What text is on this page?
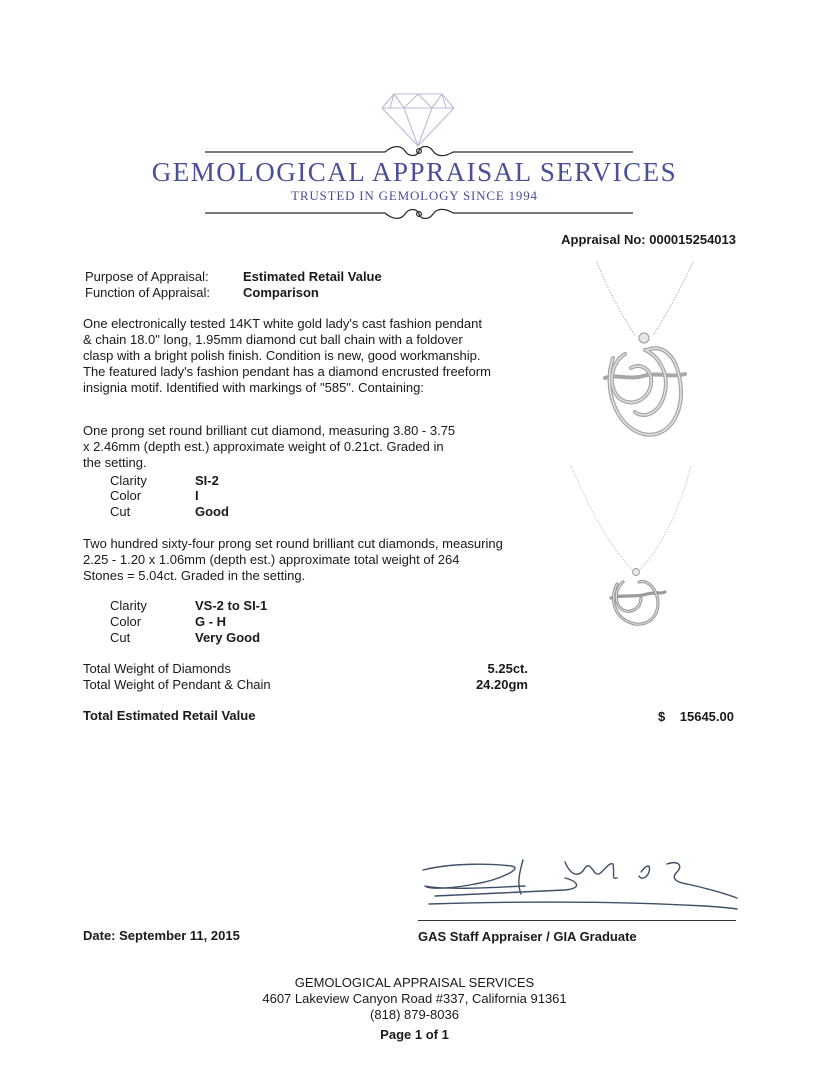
GEMOLOGICAL APPRAISAL SERVICES
TRUSTED IN GEMOLOGY SINCE 1994
Appraisal No: 000015254013
Purpose of Appraisal:	Estimated Retail Value
Function of Appraisal:	Comparison
One electronically tested 14KT white gold lady's cast fashion pendant
& chain 18.0" long, 1.95mm diamond cut ball chain with a foldover
clasp with a bright polish finish. Condition is new, good workmanship.
The featured lady's fashion pendant has a diamond encrusted freeform
insignia motif. Identified with markings of "585". Containing:
One prong set round brilliant cut diamond, measuring 3.80 - 3.75
x 2.46mm (depth est.) approximate weight of 0.21ct. Graded in
the setting.
Clarity	SI-2
Color	I
Cut	Good
Two hundred sixty-four prong set round brilliant cut diamonds, measuring
2.25 - 1.20 x 1.06mm (depth est.) approximate total weight of 264
Stones = 5.04ct. Graded in the setting.
Clarity	VS-2 to SI-1
Color	G - H
Cut	Very Good
Total Weight of Diamonds	5.25ct.
Total Weight of Pendant & Chain	24.20gm
Total Estimated Retail Value	$	15645.00
Date: September 11, 2015	GAS Staff Appraiser / GIA Graduate
GEMOLOGICAL APPRAISAL SERVICES
4607 Lakeview Canyon Road #337, California 91361
(818) 879-8036
Page 1 of 1
